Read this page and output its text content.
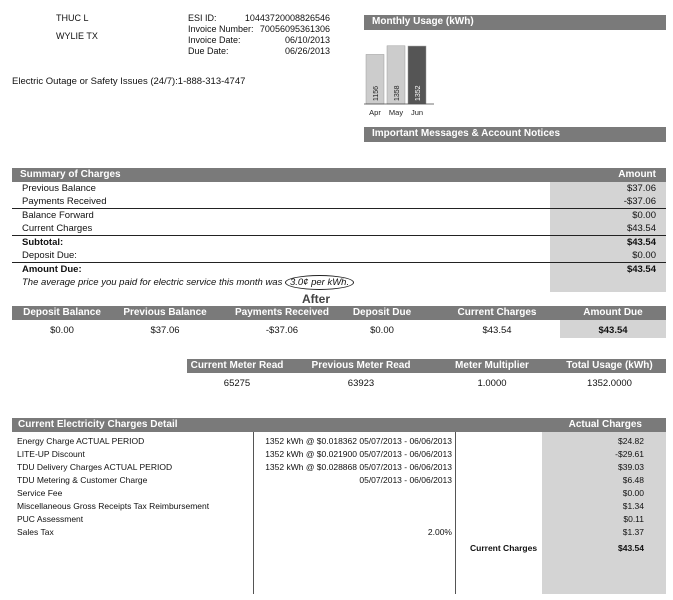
THUC L
WYLIE TX
ESI ID:	10443720008826546
Invoice Number: 70056095361306
Invoice Date:	06/10/2013
Due Date:	06/26/2013
Electric Outage or Safety Issues (24/7):1-888-313-4747
Monthly Usage (kWh)
1156
Apr
1358
May
1352
Jun
Important Messages & Account Notices
Summary of Charges	Amount
Previous Balance	$37.06
Payments Received	-$37.06
Balance Forward	$0.00
Current Charges	$43.54
Subtotal:	$43.54
Deposit Due:	$0.00
Amount Due:	$43.54
The average price you paid for electric service this month was 3.0¢ per kWh.
After
Deposit Balance	Previous Balance	Payments Received	Deposit Due	Current Charges	Amount Due
$0.00	$37.06	-$37.06	$0.00	$43.54	$43.54
Current Meter Read	Previous Meter Read	Meter Multiplier	Total Usage (kWh)
65275	63923	1.0000	1352.0000
Current Electricity Charges Detail	Actual Charges
Energy Charge ACTUAL PERIOD	1352 kWh @ $0.018362 05/07/2013 - 06/06/2013	$24.82
LITE-UP Discount	1352 kWh @ $0.021900 05/07/2013 - 06/06/2013	-$29.61
TDU Delivery Charges ACTUAL PERIOD	1352 kWh @ $0.028868 05/07/2013 - 06/06/2013	$39.03
TDU Metering & Customer Charge	05/07/2013 - 06/06/2013	$6.48
Service Fee	$0.00
Miscellaneous Gross Receipts Tax Reimbursement	$1.34
PUC Assessment	$0.11
Sales Tax	2.00%	$1.37
Current Charges	$43.54
